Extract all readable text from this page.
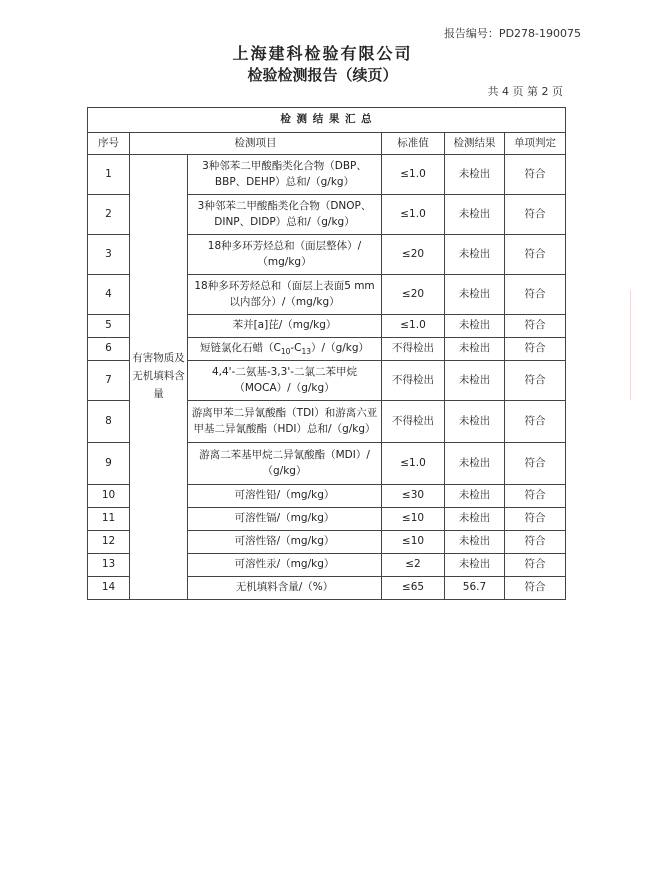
报告编号：PD278-190075
上海建科检验有限公司
检验检测报告（续页）
共 4 页 第 2 页
检 测 结 果 汇 总					
序号	检测项目		标准值	检测结果	单项判定
1	有害物质及无机填料含量	3种邻苯二甲酸酯类化合物（DBP、BBP、DEHP）总和/（g/kg）	≤1.0	未检出	符合
2		3种邻苯二甲酸酯类化合物（DNOP、DINP、DIDP）总和/（g/kg）	≤1.0	未检出	符合
3		18种多环芳烃总和（面层整体）/（mg/kg）	≤20	未检出	符合
4		18种多环芳烃总和（面层上表面5 mm以内部分）/（mg/kg）	≤20	未检出	符合
5		苯并[a]芘/（mg/kg）	≤1.0	未检出	符合
6		短链氯化石蜡$(C_{10}-C_{13})/(g/kg)$	不得检出	未检出	符合
7		4,4'-二氨基-3,3'-二氯二苯甲烷（MOCA）/（g/kg）	不得检出	未检出	符合
8		游离甲苯二异氰酸酯（TDI）和游离六亚甲基二异氰酸酯（HDI）总和/（g/kg）	不得检出	未检出	符合
9		游离二苯基甲烷二异氰酸酯（MDI）/（g/kg）	≤1.0	未检出	符合
10		可溶性铅/（mg/kg）	≤30	未检出	符合
11		可溶性镉/（mg/kg）	≤10	未检出	符合
12		可溶性铬/（mg/kg）	≤10	未检出	符合
13		可溶性汞/（mg/kg）	≤2	未检出	符合
14		无机填料含量/（%）	≤65	56.7	符合
